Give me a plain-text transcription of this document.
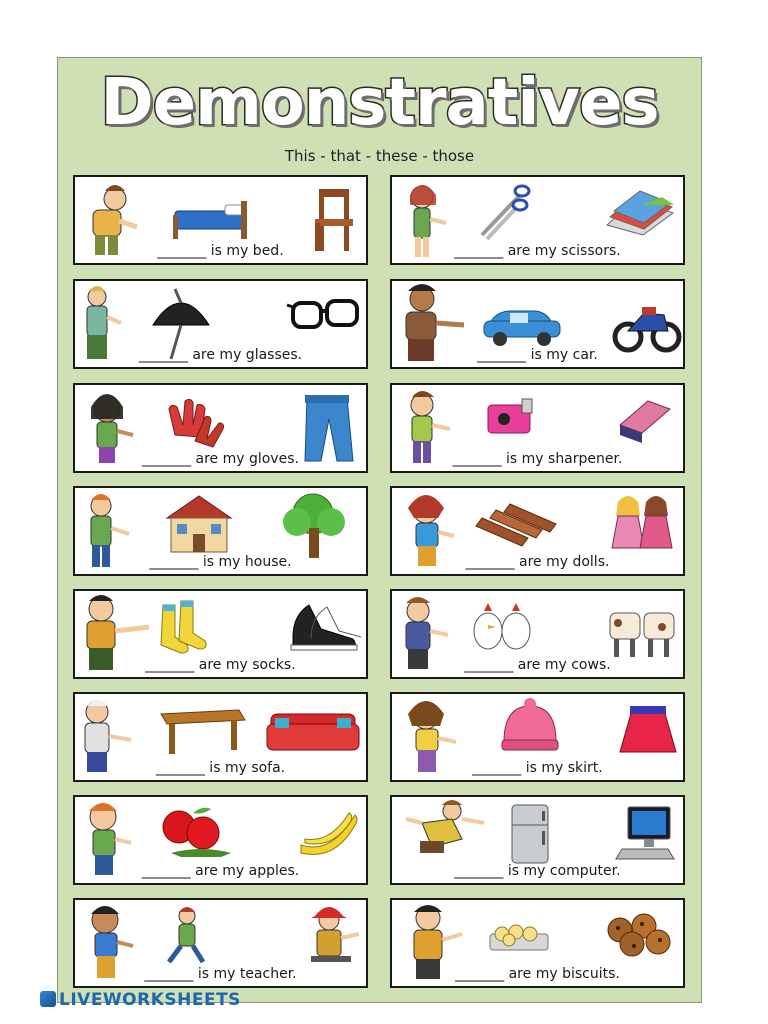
Demonstratives
This - that - these - those
_______ is my bed.	_______ are my scissors.
_______ are my glasses.	_______ is my car.
_______ are my gloves.	_______ is my sharpener.
_______ is my house.	_______ are my dolls.
_______ are my socks.	_______ are my cows.
_______ is my sofa.	_______ is my skirt.
_______ are my apples.	_______ is my computer.
_______ is my teacher.	_______ are my biscuits.
LIVEWORKSHEETS
